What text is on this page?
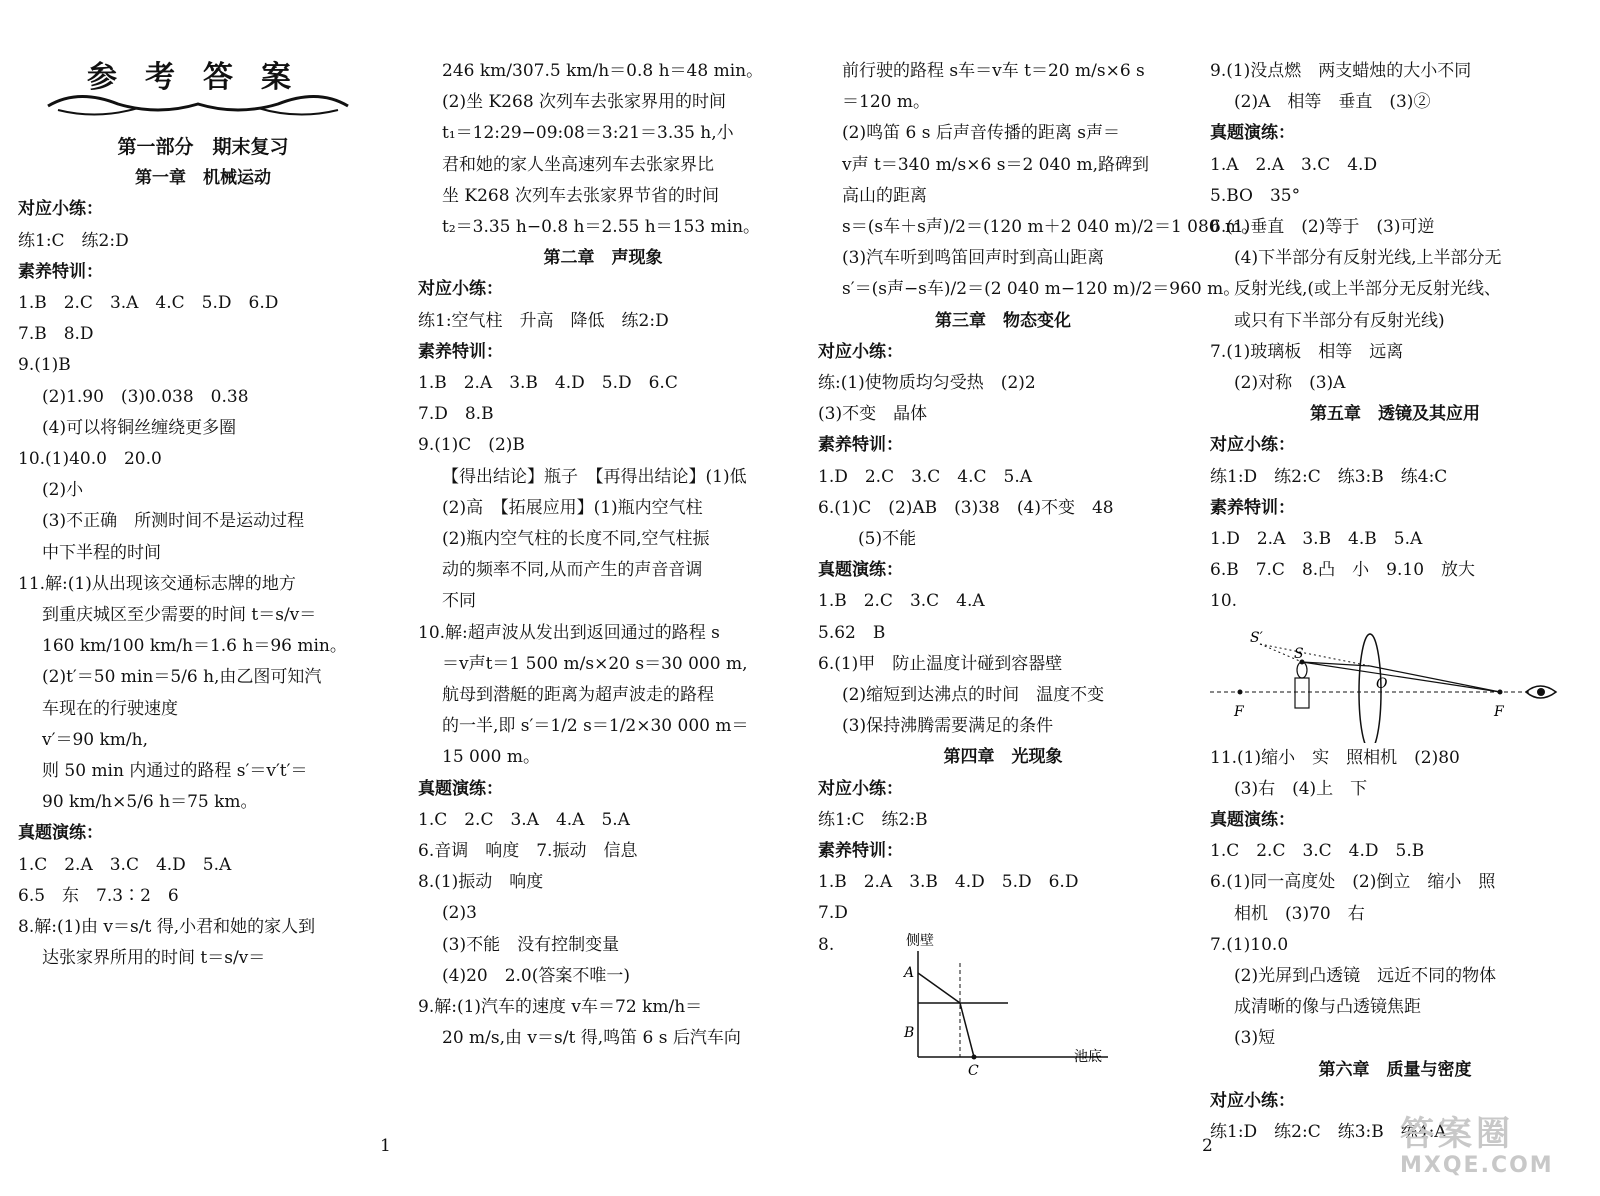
参考答案

第一部分　期末复习

第一章　机械运动

对应小练：

练1:C　练2:D

素养特训：

1.B　2.C　3.A　4.C　5.D　6.D

7.B　8.D

9.(1)B

(2)1.90　(3)0.038　0.38

(4)可以将铜丝缠绕更多圈

10.(1)40.0　20.0

(2)小

(3)不正确　所测时间不是运动过程

中下半程的时间

11.解:(1)从出现该交通标志牌的地方

到重庆城区至少需要的时间 t＝s/v＝

160 km/100 km/h＝1.6 h＝96 min。

(2)t′＝50 min＝5/6 h,由乙图可知汽

车现在的行驶速度

v′＝90 km/h,

则 50 min 内通过的路程 s′＝v′t′＝

90 km/h×5/6 h＝75 km。

真题演练：

1.C　2.A　3.C　4.D　5.A

6.5　东　7.3∶2　6

8.解:(1)由 v＝s/t 得,小君和她的家人到

达张家界所用的时间 t＝s/v＝

246 km/307.5 km/h＝0.8 h＝48 min。

(2)坐 K268 次列车去张家界用的时间

t₁＝12:29−09:08＝3:21＝3.35 h,小

君和她的家人坐高速列车去张家界比

坐 K268 次列车去张家界节省的时间

t₂＝3.35 h−0.8 h＝2.55 h＝153 min。

第二章　声现象

对应小练：

练1:空气柱　升高　降低　练2:D

素养特训：

1.B　2.A　3.B　4.D　5.D　6.C

7.D　8.B

9.(1)C　(2)B

【得出结论】瓶子　【再得出结论】(1)低

(2)高　【拓展应用】(1)瓶内空气柱

(2)瓶内空气柱的长度不同,空气柱振

动的频率不同,从而产生的声音音调

不同

10.解:超声波从发出到返回通过的路程 s

＝v声t＝1 500 m/s×20 s＝30 000 m,

航母到潜艇的距离为超声波走的路程

的一半,即 s′＝1/2 s＝1/2×30 000 m＝

15 000 m。

真题演练：

1.C　2.C　3.A　4.A　5.A

6.音调　响度　7.振动　信息

8.(1)振动　响度

(2)3

(3)不能　没有控制变量

(4)20　2.0(答案不唯一)

9.解:(1)汽车的速度 v车＝72 km/h＝

20 m/s,由 v＝s/t 得,鸣笛 6 s 后汽车向

前行驶的路程 s车＝v车 t＝20 m/s×6 s

＝120 m。

(2)鸣笛 6 s 后声音传播的距离 s声＝

v声 t＝340 m/s×6 s＝2 040 m,路碑到

高山的距离

s＝(s车＋s声)/2＝(120 m＋2 040 m)/2＝1 080 m。

(3)汽车听到鸣笛回声时到高山距离

s′＝(s声−s车)/2＝(2 040 m−120 m)/2＝960 m。

第三章　物态变化

对应小练：

练:(1)使物质均匀受热　(2)2

(3)不变　晶体

素养特训：

1.D　2.C　3.C　4.C　5.A

6.(1)C　(2)AB　(3)38　(4)不变　48

(5)不能

真题演练：

1.B　2.C　3.C　4.A

5.62　B

6.(1)甲　防止温度计碰到容器壁

(2)缩短到达沸点的时间　温度不变

(3)保持沸腾需要满足的条件

第四章　光现象

对应小练：

练1:C　练2:B

素养特训：

1.B　2.A　3.B　4.D　5.D　6.D

7.D

8.

A
B
C
侧壁
池底

9.(1)没点燃　两支蜡烛的大小不同

(2)A　相等　垂直　(3)②

真题演练：

1.A　2.A　3.C　4.D

5.BO　35°

6.(1)垂直　(2)等于　(3)可逆

(4)下半部分有反射光线,上半部分无

反射光线,(或上半部分无反射光线、

或只有下半部分有反射光线)

7.(1)玻璃板　相等　远离

(2)对称　(3)A

第五章　透镜及其应用

对应小练：

练1:D　练2:C　练3:B　练4:C

素养特训：

1.D　2.A　3.B　4.B　5.A

6.B　7.C　8.凸　小　9.10　放大

10.

S′
S
O
F	F

11.(1)缩小　实　照相机　(2)80

(3)右　(4)上　下

真题演练：

1.C　2.C　3.C　4.D　5.B

6.(1)同一高度处　(2)倒立　缩小　照

相机　(3)70　右

7.(1)10.0

(2)光屏到凸透镜　远近不同的物体

成清晰的像与凸透镜焦距

(3)短

第六章　质量与密度

对应小练：

练1:D　练2:C　练3:B　练4:A

1	2	答案圈
MXQE.COM
